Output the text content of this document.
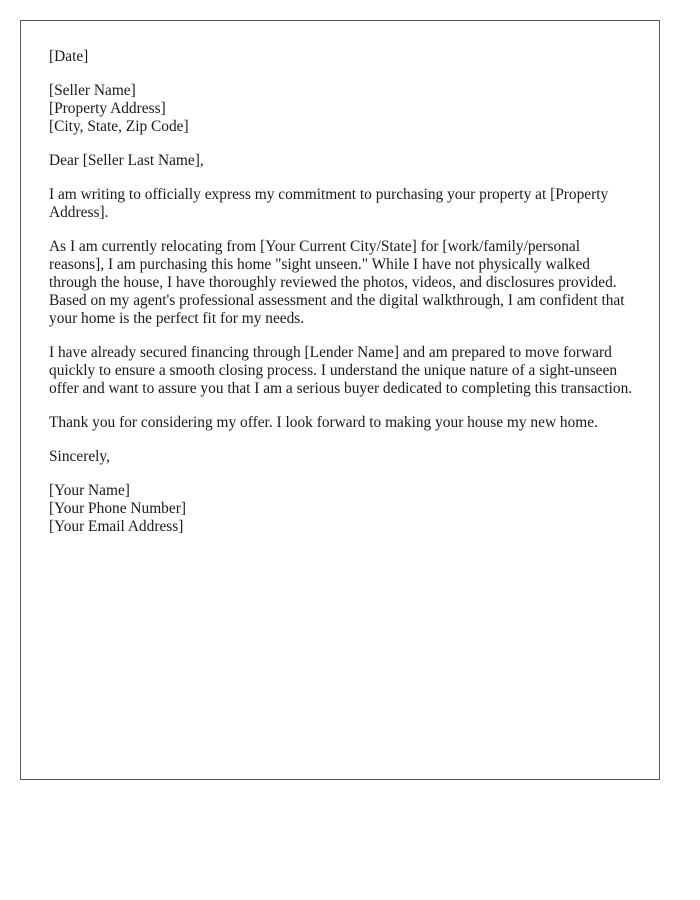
[Date]

[Seller Name]
[Property Address]
[City, State, Zip Code]

Dear [Seller Last Name],

I am writing to officially express my commitment to purchasing your property at [Property Address].

As I am currently relocating from [Your Current City/State] for [work/family/personal reasons], I am purchasing this home "sight unseen." While I have not physically walked through the house, I have thoroughly reviewed the photos, videos, and disclosures provided. Based on my agent's professional assessment and the digital walkthrough, I am confident that your home is the perfect fit for my needs.

I have already secured financing through [Lender Name] and am prepared to move forward quickly to ensure a smooth closing process. I understand the unique nature of a sight-unseen offer and want to assure you that I am a serious buyer dedicated to completing this transaction.

Thank you for considering my offer. I look forward to making your house my new home.

Sincerely,

[Your Name]
[Your Phone Number]
[Your Email Address]
